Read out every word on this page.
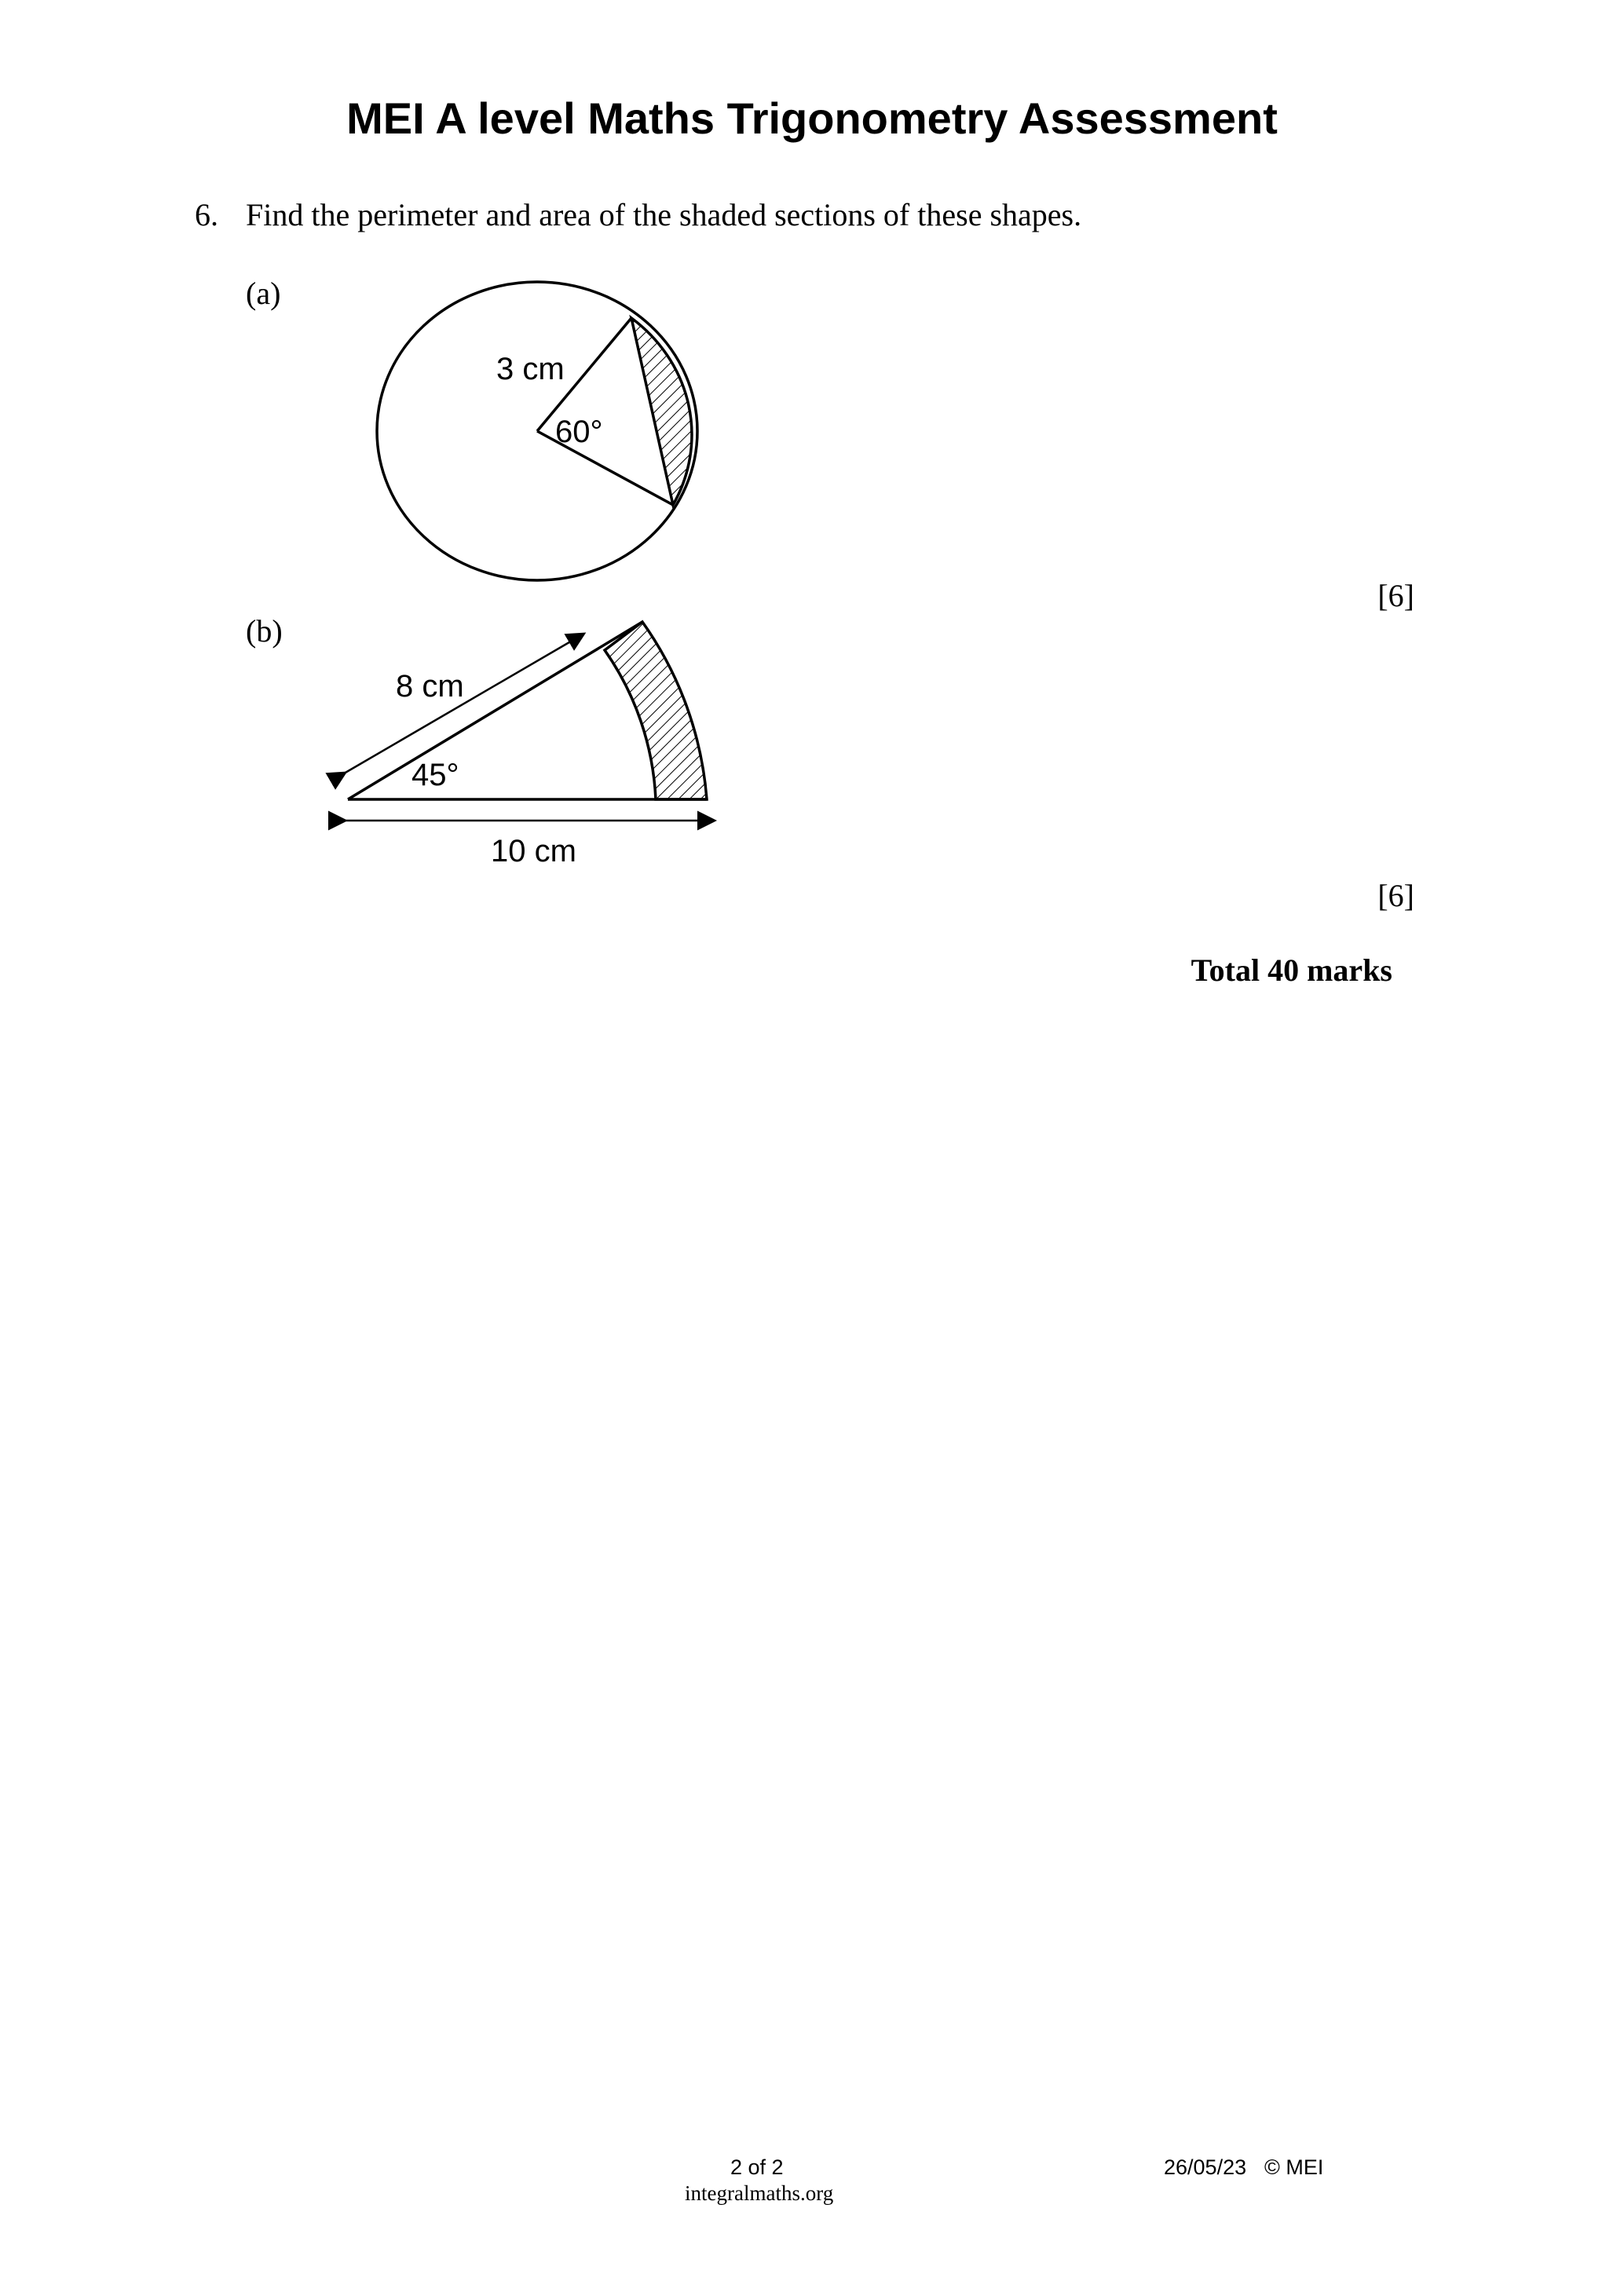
MEI A level Maths Trigonometry Assessment
6. Find the perimeter and area of the shaded sections of these shapes.
(a)
3 cm
60°
[6]
(b)
8 cm
45°
10 cm
[6]
Total 40 marks
2 of 2
integralmaths.org
26/05/23 © MEI
